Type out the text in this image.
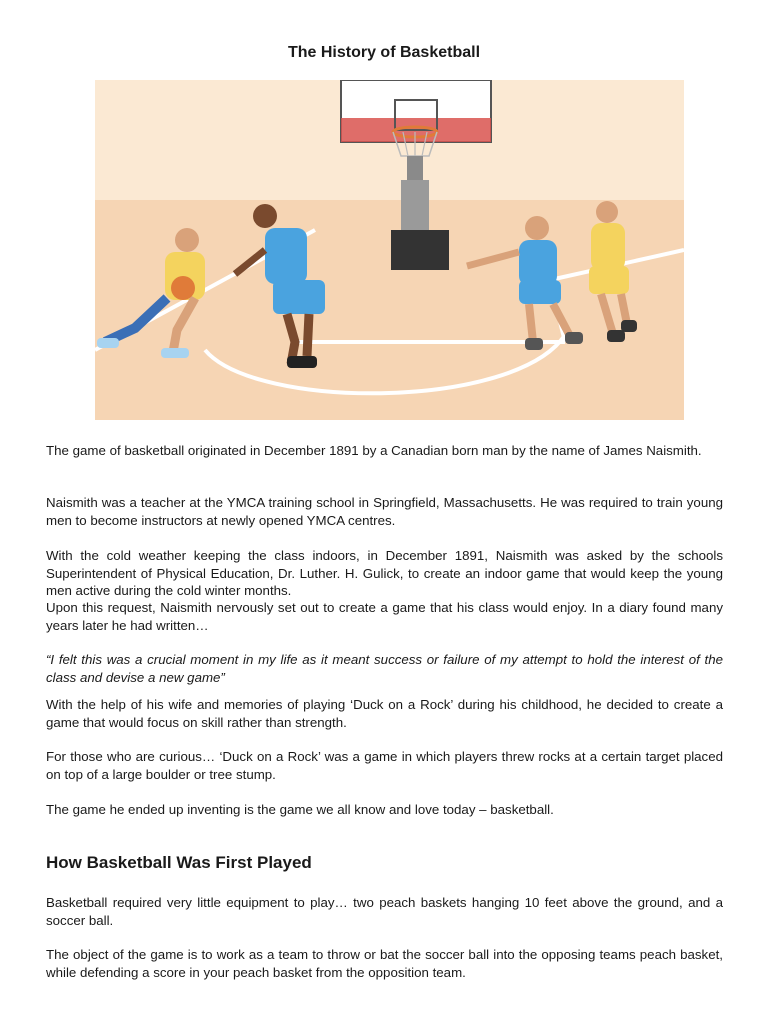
The History of Basketball

The game of basketball originated in December 1891 by a Canadian born man by the name of James Naismith.

Naismith was a teacher at the YMCA training school in Springfield, Massachusetts. He was required to train young men to become instructors at newly opened YMCA centres.

With the cold weather keeping the class indoors, in December 1891, Naismith was asked by the schools Superintendent of Physical Education, Dr. Luther. H. Gulick, to create an indoor game that would keep the young men active during the cold winter months.

Upon this request, Naismith nervously set out to create a game that his class would enjoy. In a diary found many years later he had written…

“I felt this was a crucial moment in my life as it meant success or failure of my attempt to hold the interest of the class and devise a new game”

With the help of his wife and memories of playing ‘Duck on a Rock’ during his childhood, he decided to create a game that would focus on skill rather than strength.

For those who are curious… ‘Duck on a Rock’ was a game in which players threw rocks at a certain target placed on top of a large boulder or tree stump.

The game he ended up inventing is the game we all know and love today – basketball.

How Basketball Was First Played

Basketball required very little equipment to play… two peach baskets hanging 10 feet above the ground, and a soccer ball.

The object of the game is to work as a team to throw or bat the soccer ball into the opposing teams peach basket, while defending a score in your peach basket from the opposition team.
